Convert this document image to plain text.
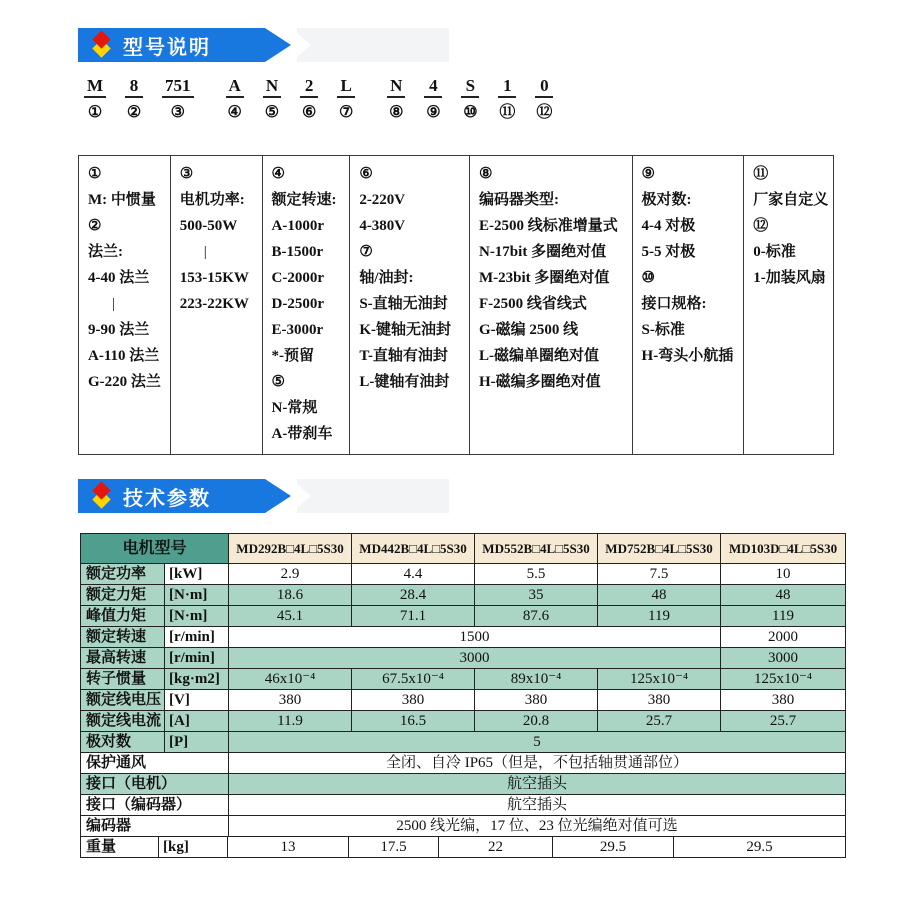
型号说明
M
①
8
②
751
③
A
④
N
⑤
2
⑥
L
⑦
N
⑧
4
⑨
S
⑩
1
⑪
0
⑫
①
M: 中惯量
②
法兰:
4-40 法兰
|
9-90 法兰
A-110 法兰
G-220 法兰
③
电机功率:
500-50W
|
153-15KW
223-22KW
④
额定转速:
A-1000r
B-1500r
C-2000r
D-2500r
E-3000r
*-预留
⑤
N-常规
A-带刹车
⑥
2-220V
4-380V
⑦
轴/油封:
S-直轴无油封
K-键轴无油封
T-直轴有油封
L-键轴有油封
⑧
编码器类型:
E-2500 线标准增量式
N-17bit 多圈绝对值
M-23bit 多圈绝对值
F-2500 线省线式
G-磁编 2500 线
L-磁编单圈绝对值
H-磁编多圈绝对值
⑨
极对数:
4-4 对极
5-5 对极
⑩
接口规格:
S-标准
H-弯头小航插
⑪
厂家自定义
⑫
0-标准
1-加装风扇
技术参数
电机型号		MD292B□4L□5S30	MD442B□4L□5S30	MD552B□4L□5S30	MD752B□4L□5S30	MD103D□4L□5S30
额定功率	[kW]	2.9	4.4	5.5	7.5	10
额定力矩	[N·m]	18.6	28.4	35	48	48
峰值力矩	[N·m]	45.1	71.1	87.6	119	119
额定转速	[r/min]	1500				2000
最高转速	[r/min]	3000				3000
转子惯量	[kg·m2]	46x10⁻⁴	67.5x10⁻⁴	89x10⁻⁴	125x10⁻⁴	125x10⁻⁴
额定线电压	[V]	380	380	380	380	380
额定线电流	[A]	11.9	16.5	20.8	25.7	25.7
极对数	[P]	5				
保护通风		全闭、自冷 IP65（但是，不包括轴贯通部位）				
接口（电机）		航空插头				
接口（编码器）		航空插头				
编码器		2500 线光编，17 位、23 位光编绝对值可选				
重量	[kg]	13	17.5	22	29.5	29.5
